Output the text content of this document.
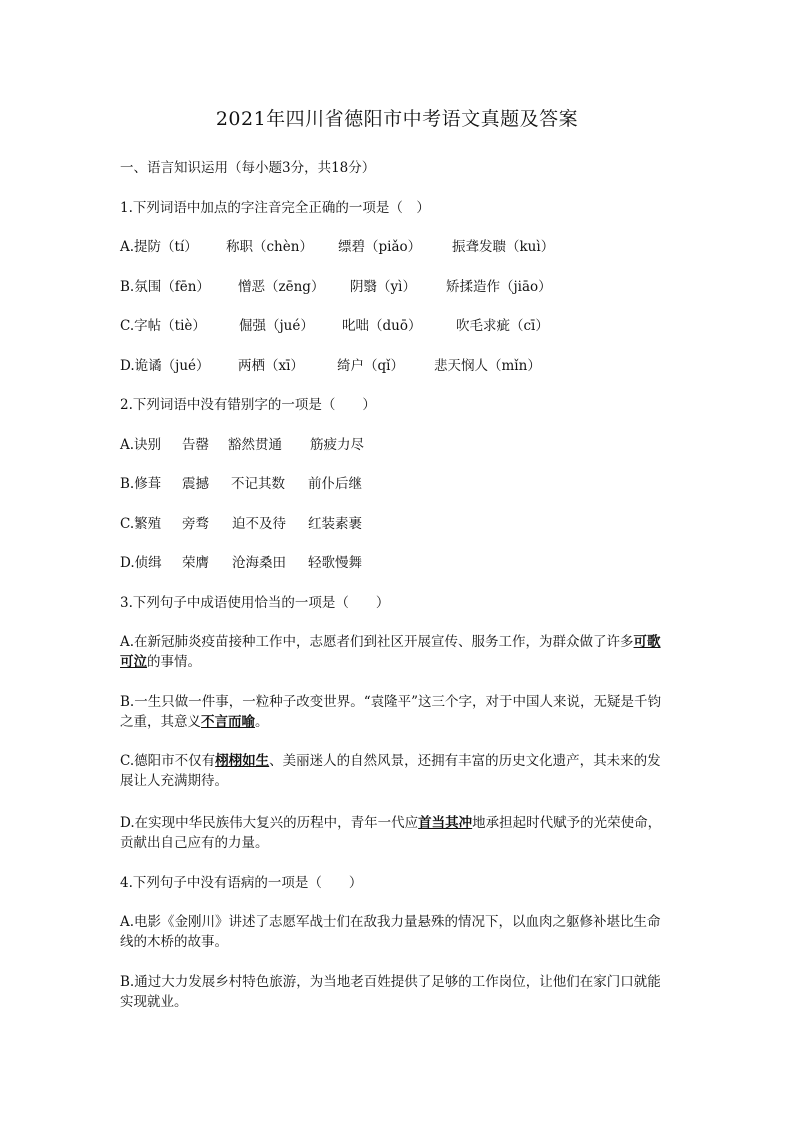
2021年四川省德阳市中考语文真题及答案
一、语言知识运用（每小题3分，共18分）
1.下列词语中加点的字注音完全正确的一项是（　）
A.提防（tí） 称职（chèn） 缥碧（piǎo） 振聋发聩（kuì）
B.氛围（fēn） 憎恶（zēng） 阴翳（yì） 矫揉造作（jiāo）
C.字帖（tiè） 倔强（jué） 叱咄（duō）	吹毛求疵（cī）
D.诡谲（jué） 两栖（xī） 绮户（qǐ） 悲天悯人（mǐn）
2.下列词语中没有错别字的一项是（　　）
A.诀别 告罄 豁然贯通 筋疲力尽
B.修葺 震撼 不记其数 前仆后继
C.繁殖 旁骛 迫不及待 红装素裹
D.侦缉 荣膺 沧海桑田 轻歌慢舞
3.下列句子中成语使用恰当的一项是（　　）
A.在新冠肺炎疫苗接种工作中，志愿者们到社区开展宣传、服务工作，为群众做了许多可歌可泣的事情。
B.一生只做一件事，一粒种子改变世界。“袁隆平”这三个字，对于中国人来说，无疑是千钧之重，其意义不言而喻。
C.德阳市不仅有栩栩如生、美丽迷人的自然风景，还拥有丰富的历史文化遗产，其未来的发展让人充满期待。
D.在实现中华民族伟大复兴的历程中，青年一代应首当其冲地承担起时代赋予的光荣使命，贡献出自己应有的力量。
4.下列句子中没有语病的一项是（　　）
A.电影《金刚川》讲述了志愿军战士们在敌我力量悬殊的情况下，以血肉之躯修补堪比生命线的木桥的故事。
B.通过大力发展乡村特色旅游，为当地老百姓提供了足够的工作岗位，让他们在家门口就能实现就业。
